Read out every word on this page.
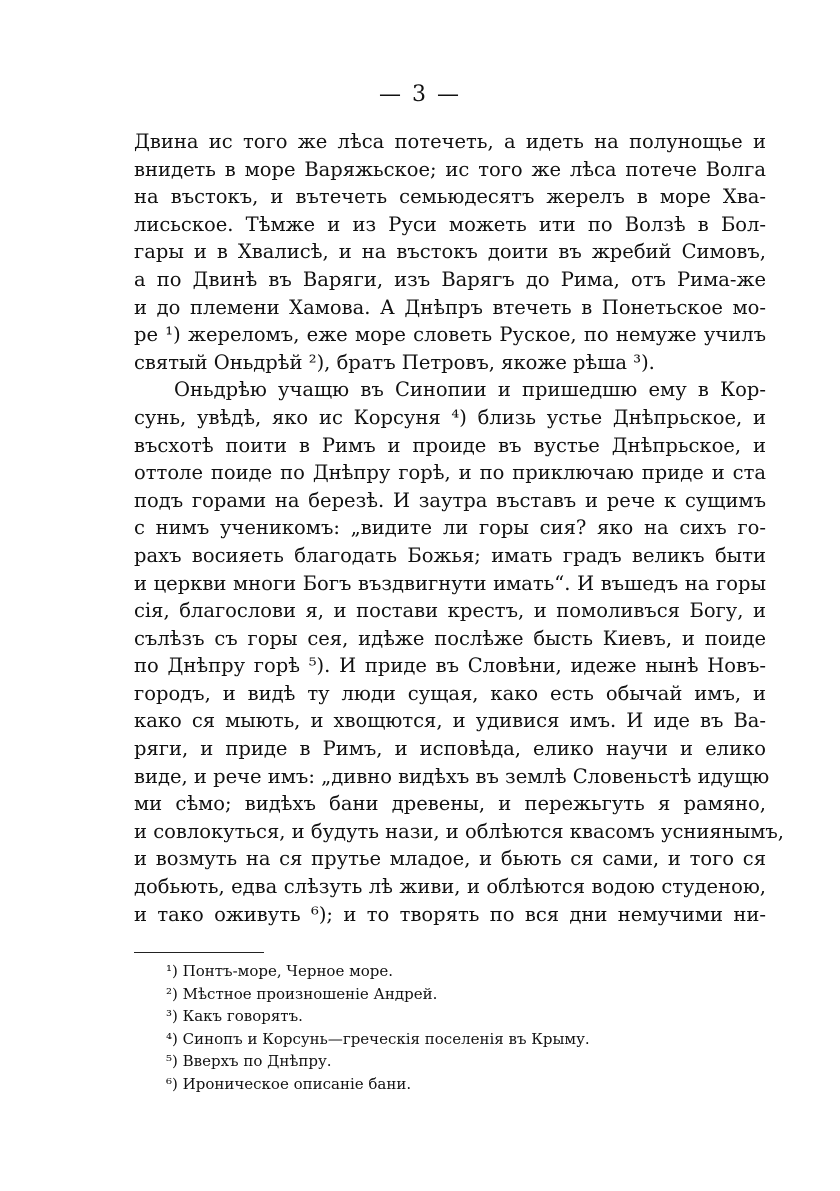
— 3 —
Двина ис того же лѣса потечеть, а идеть на полунощье и
внидеть в море Варяжьское; ис того же лѣса потече Волга
на въстокъ, и вътечеть семьюдесятъ жерелъ в море Хва-
лисьское. Тѣмже и из Руси можеть ити по Волзѣ в Бол-
гары и в Хвалисѣ, и на въстокъ доити въ жребий Симовъ,
а по Двинѣ въ Варяги, изъ Варягъ до Рима, отъ Рима-же
и до племени Хамова. А Днѣпръ втечеть в Понетьское мо-
ре ¹) жереломъ, еже море словеть Руское, по немуже училъ
святый Оньдрѣй ²), братъ Петровъ, якоже рѣша ³).
Оньдрѣю учащю въ Синопии и пришедшю ему в Кор-
сунь, увѣдѣ, яко ис Корсуня ⁴) близь устье Днѣпрьское, и
въсхотѣ поити в Римъ и проиде въ вустье Днѣпрьское, и
оттоле поиде по Днѣпру горѣ, и по приключаю приде и ста
подъ горами на березѣ. И заутра въставъ и рече к сущимъ
с нимъ ученикомъ: „видите ли горы сия? яко на сихъ го-
рахъ восияеть благодать Божья; имать градъ великъ быти
и церкви многи Богъ въздвигнути имать“. И въшедъ на горы
сія, благослови я, и постави крестъ, и помоливъся Богу, и
сълѣзъ съ горы сея, идѣже послѣже бысть Киевъ, и поиде
по Днѣпру горѣ ⁵). И приде въ Словѣни, идеже нынѣ Новъ-
городъ, и видѣ ту люди сущая, како есть обычай имъ, и
како ся мыють, и хвощются, и удивися имъ. И иде въ Ва-
ряги, и приде в Римъ, и исповѣда, елико научи и елико
виде, и рече имъ: „дивно видѣхъ въ землѣ Словеньстѣ идущю
ми сѣмо; видѣхъ бани древены, и пережьгуть я рамяно,
и совлокуться, и будуть нази, и облѣются квасомъ усниянымъ,
и возмуть на ся прутье младое, и бьють ся сами, и того ся
добьють, едва слѣзуть лѣ живи, и облѣются водою студеною,
и тако оживуть ⁶); и то творять по вся дни немучими ни-
¹) Понтъ-море, Черное море.
²) Мѣстное произношеніе Андрей.
³) Какъ говорятъ.
⁴) Синопъ и Корсунь—греческія поселенія въ Крыму.
⁵) Вверхъ по Днѣпру.
⁶) Ироническое описаніе бани.
